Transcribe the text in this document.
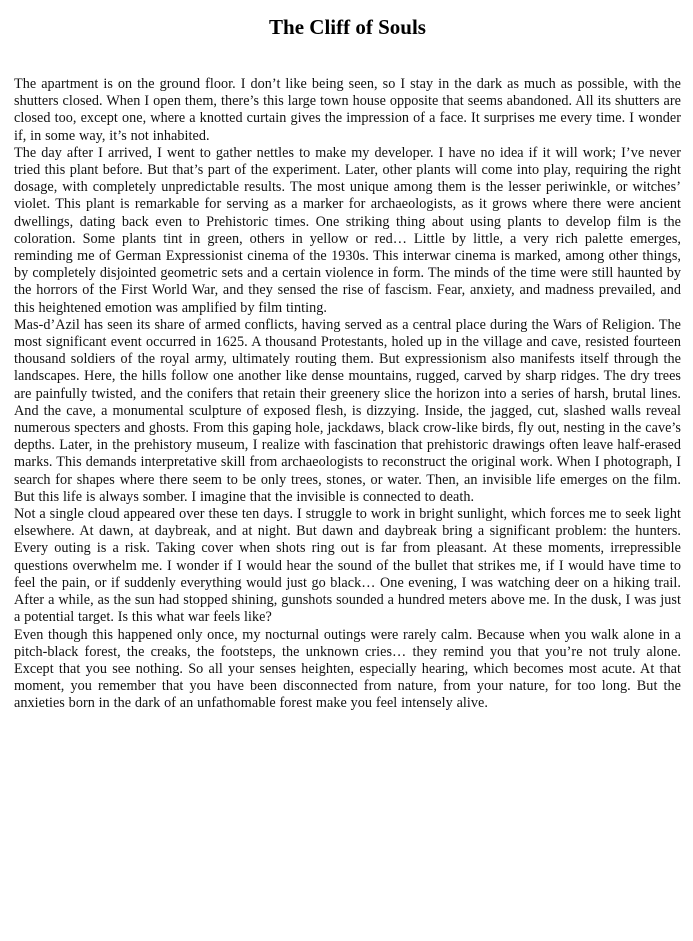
The Cliff of Souls

The apartment is on the ground floor. I don’t like being seen, so I stay in the dark as much as possible, with the shutters closed. When I open them, there’s this large town house opposite that seems abandoned. All its shutters are closed too, except one, where a knotted curtain gives the impression of a face. It surprises me every time. I wonder if, in some way, it’s not inhabited.

The day after I arrived, I went to gather nettles to make my developer. I have no idea if it will work; I’ve never tried this plant before. But that’s part of the experiment. Later, other plants will come into play, requiring the right dosage, with completely unpredictable results. The most unique among them is the lesser periwinkle, or witches’ violet. This plant is remarkable for serving as a marker for archaeologists, as it grows where there were ancient dwellings, dating back even to Prehistoric times. One striking thing about using plants to develop film is the coloration. Some plants tint in green, others in yellow or red… Little by little, a very rich palette emerges, reminding me of German Expressionist cinema of the 1930s. This interwar cinema is marked, among other things, by completely disjointed geometric sets and a certain violence in form. The minds of the time were still haunted by the horrors of the First World War, and they sensed the rise of fascism. Fear, anxiety, and madness prevailed, and this heightened emotion was amplified by film tinting.

Mas-d’Azil has seen its share of armed conflicts, having served as a central place during the Wars of Religion. The most significant event occurred in 1625. A thousand Protestants, holed up in the village and cave, resisted fourteen thousand soldiers of the royal army, ultimately routing them. But expressionism also manifests itself through the landscapes. Here, the hills follow one another like dense mountains, rugged, carved by sharp ridges. The dry trees are painfully twisted, and the conifers that retain their greenery slice the horizon into a series of harsh, brutal lines. And the cave, a monumental sculpture of exposed flesh, is dizzying. Inside, the jagged, cut, slashed walls reveal numerous specters and ghosts. From this gaping hole, jackdaws, black crow-like birds, fly out, nesting in the cave’s depths. Later, in the prehistory museum, I realize with fascination that prehistoric drawings often leave half-erased marks. This demands interpretative skill from archaeologists to reconstruct the original work. When I photograph, I search for shapes where there seem to be only trees, stones, or water. Then, an invisible life emerges on the film. But this life is always somber. I imagine that the invisible is connected to death.

Not a single cloud appeared over these ten days. I struggle to work in bright sunlight, which forces me to seek light elsewhere. At dawn, at daybreak, and at night. But dawn and daybreak bring a significant problem: the hunters. Every outing is a risk. Taking cover when shots ring out is far from pleasant. At these moments, irrepressible questions overwhelm me. I wonder if I would hear the sound of the bullet that strikes me, if I would have time to feel the pain, or if suddenly everything would just go black… One evening, I was watching deer on a hiking trail. After a while, as the sun had stopped shining, gunshots sounded a hundred meters above me. In the dusk, I was just a potential target. Is this what war feels like?

Even though this happened only once, my nocturnal outings were rarely calm. Because when you walk alone in a pitch-black forest, the creaks, the footsteps, the unknown cries… they remind you that you’re not truly alone. Except that you see nothing. So all your senses heighten, especially hearing, which becomes most acute. At that moment, you remember that you have been disconnected from nature, from your nature, for too long. But the anxieties born in the dark of an unfathomable forest make you feel intensely alive.
